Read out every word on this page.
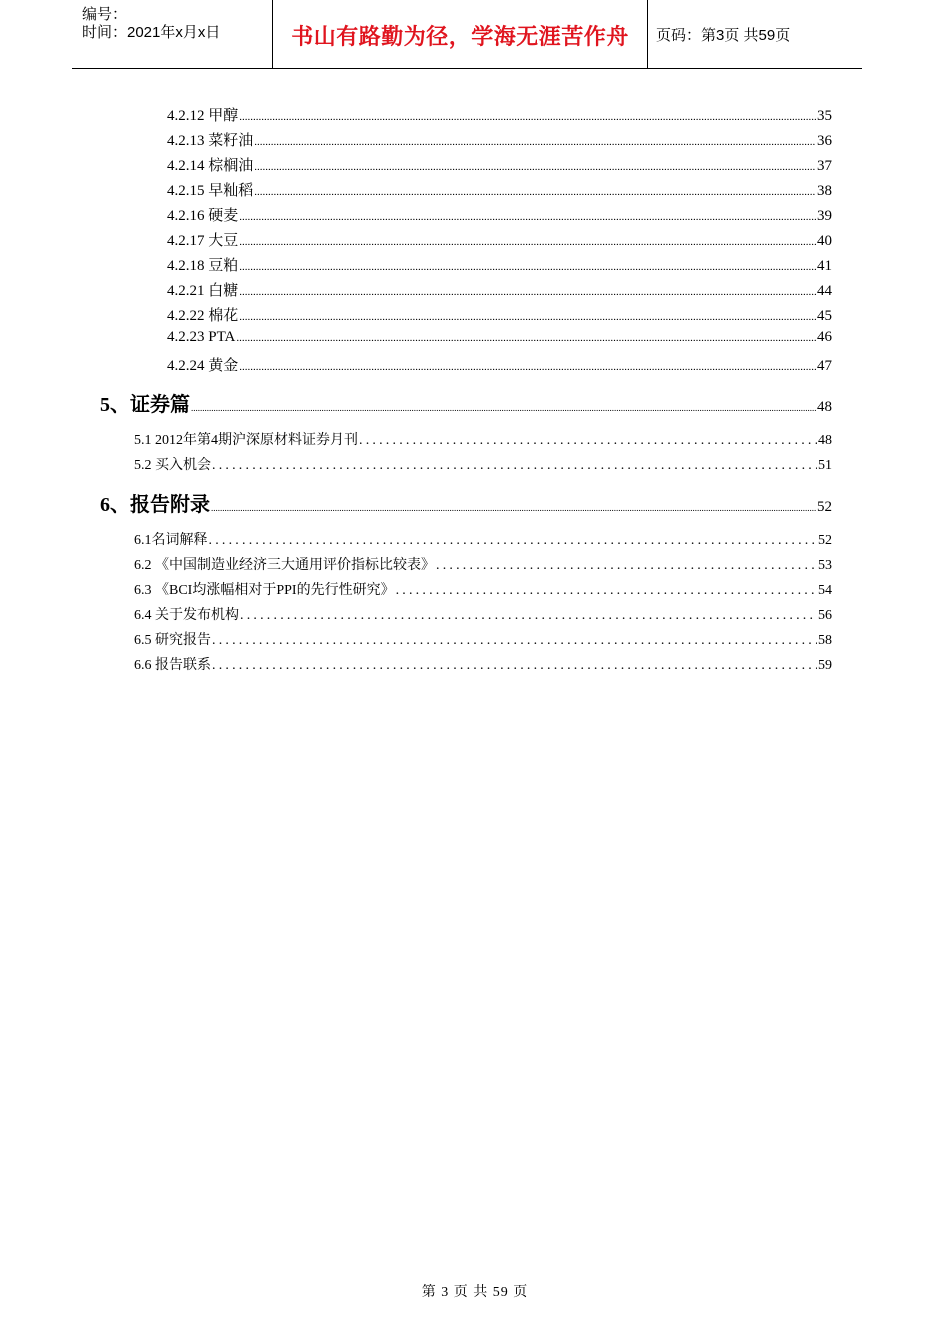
编号：
时间：2021年x月x日	书山有路勤为径，学海无涯苦作舟	页码：第3页 共59页
4.2.12 甲醇 .....	35
4.2.13 菜籽油 .....	36
4.2.14 棕榈油 .....	37
4.2.15 早籼稻 .....	38
4.2.16 硬麦 .....	39
4.2.17 大豆 .....	40
4.2.18 豆粕 .....	41
4.2.21 白糖 .....	44
4.2.22 棉花 .....	45
4.2.23 PTA .....	46
4.2.24 黄金 .....	47
5、证券篇 .....	48
5.1 2012年第4期沪深原材料证券月刊 .....	48
5.2 买入机会 .....	51
6、报告附录 .....	52
6.1名词解释 .....	52
6.2 《中国制造业经济三大通用评价指标比较表》 .....	53
6.3 《BCI均涨幅相对于PPI的先行性研究》 .....	54
6.4 关于发布机构 .....	56
6.5 研究报告 .....	58
6.6 报告联系 .....	59
第 3 页 共 59 页
